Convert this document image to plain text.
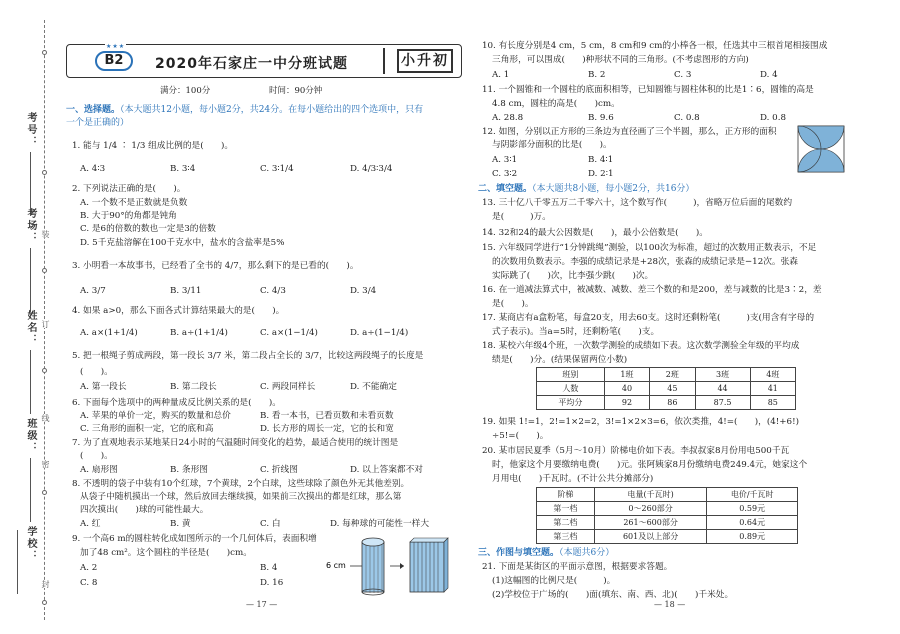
考号：
考场：
姓名：
班级：
学校：
装
订
线
密
封
★★★
B2	2020年石家庄一中分班试题	小升初
满分：100分	时间：90分钟
一、选择题。（本大题共12小题，每小题2分，共24分。在每小题给出的四个选项中，只有
一个是正确的）
1. 能与 1/4 ∶ 1/3 组成比例的是(　　)。
A. 4∶3	B. 3∶4	C. 3∶1/4	D. 4/3∶3/4
2. 下列说法正确的是(　　)。
A. 一个数不是正数就是负数
B. 大于90°的角都是钝角
C. 是6的倍数的数也一定是3的倍数
D. 5千克盐溶解在100千克水中，盐水的含盐率是5%
3. 小明看一本故事书，已经看了全书的 4/7，那么剩下的是已看的(　　)。
A. 3/7	B. 3/11	C. 4/3	D. 3/4
4. 如果 a>0，那么下面各式计算结果最大的是(　　)。
A. a×(1+1/4)	B. a÷(1+1/4)	C. a×(1−1/4)	D. a÷(1−1/4)
5. 把一根绳子剪成两段，第一段长 3/7 米，第二段占全长的 3/7，比较这两段绳子的长度是
(　　)。
A. 第一段长	B. 第二段长	C. 两段同样长	D. 不能确定
6. 下面每个选项中的两种量成反比例关系的是(　　)。
A. 苹果的单价一定，购买的数量和总价	B. 看一本书，已看页数和未看页数
C. 三角形的面积一定，它的底和高	D. 长方形的周长一定，它的长和宽
7. 为了直观地表示某地某日24小时的气温随时间变化的趋势，最适合使用的统计图是
(　　)。
A. 扇形图	B. 条形图	C. 折线图	D. 以上答案都不对
8. 不透明的袋子中装有10个红球，7个黄球，2个白球，这些球除了颜色外无其他差别。
从袋子中随机摸出一个球，然后放回去继续摸，如果前三次摸出的都是红球，那么第
四次摸出(　　)球的可能性最大。
A. 红	B. 黄	C. 白	D. 每种球的可能性一样大
9. 一个高6 m的圆柱转化成如图所示的一个几何体后，表面积增
加了48 cm²。这个圆柱的半径是(　　)cm。
A. 2	B. 4
C. 8	D. 16
6 cm
— 17 —
10. 有长度分别是4 cm，5 cm，8 cm和9 cm的小棒各一根，任选其中三根首尾相接围成
三角形，可以围成(　　)种形状不同的三角形。(不考虑图形的方向)
A. 1	B. 2	C. 3	D. 4
11. 一个圆锥和一个圆柱的底面积相等，已知圆锥与圆柱体积的比是1∶6，圆锥的高是
4.8 cm，圆柱的高是(　　)cm。
A. 28.8	B. 9.6	C. 0.8	D. 0.8
12. 如图，分别以正方形的三条边为直径画了三个半圆，那么，正方形的面积
与阴影部分面积的比是(　　)。
A. 3∶1	B. 4∶1
C. 3∶2	D. 2∶1
二、填空题。（本大题共8小题，每小题2分，共16分）
13. 三十亿八千零五万二千零六十，这个数写作(　　　)，省略万位后面的尾数约
是(　　　)万。
14. 32和24的最大公因数是(　　)，最小公倍数是(　　)。
15. 六年级同学进行“1分钟跳绳”测验，以100次为标准，超过的次数用正数表示，不足
的次数用负数表示。李强的成绩记录是+28次，张森的成绩记录是−12次。张森
实际跳了(　　)次，比李强少跳(　　)次。
16. 在一道减法算式中，被减数、减数、差三个数的和是200，差与减数的比是3∶2，差
是(　　)。
17. 某商店有a盒粉笔，每盒20支，用去60支。这时还剩粉笔(　　　)支(用含有字母的
式子表示)。当a=5时，还剩粉笔(　　)支。
18. 某校六年级4个班，一次数学测验的成绩如下表。这次数学测验全年级的平均成
绩是(　　)分。(结果保留两位小数)
班别	1班	2班	3班	4班
人数	40	45	44	41
平均分	92	86	87.5	85
19. 如果 1!=1，2!=1×2=2，3!=1×2×3=6，依次类推，4!=(　　)，(4!+6!)
÷5!=(　　)。
20. 某市居民夏季（5月～10月）阶梯电价如下表。李叔叔家8月份用电500千瓦
时，他家这个月要缴纳电费(　　)元。张阿姨家8月份缴纳电费249.4元，她家这个
月用电(　　)千瓦时。(不计公共分摊部分)
阶梯	电量(千瓦时)	电价/千瓦时
第一档	0～260部分	0.59元
第二档	261～600部分	0.64元
第三档	601及以上部分	0.89元
三、作图与填空题。（本题共6分）
21. 下面是某街区的平面示意图，根据要求答题。
(1)这幅图的比例尺是(　　　)。
(2)学校位于广场的(　　)面(填东、南、西、北)(　　)千米处。
— 18 —
